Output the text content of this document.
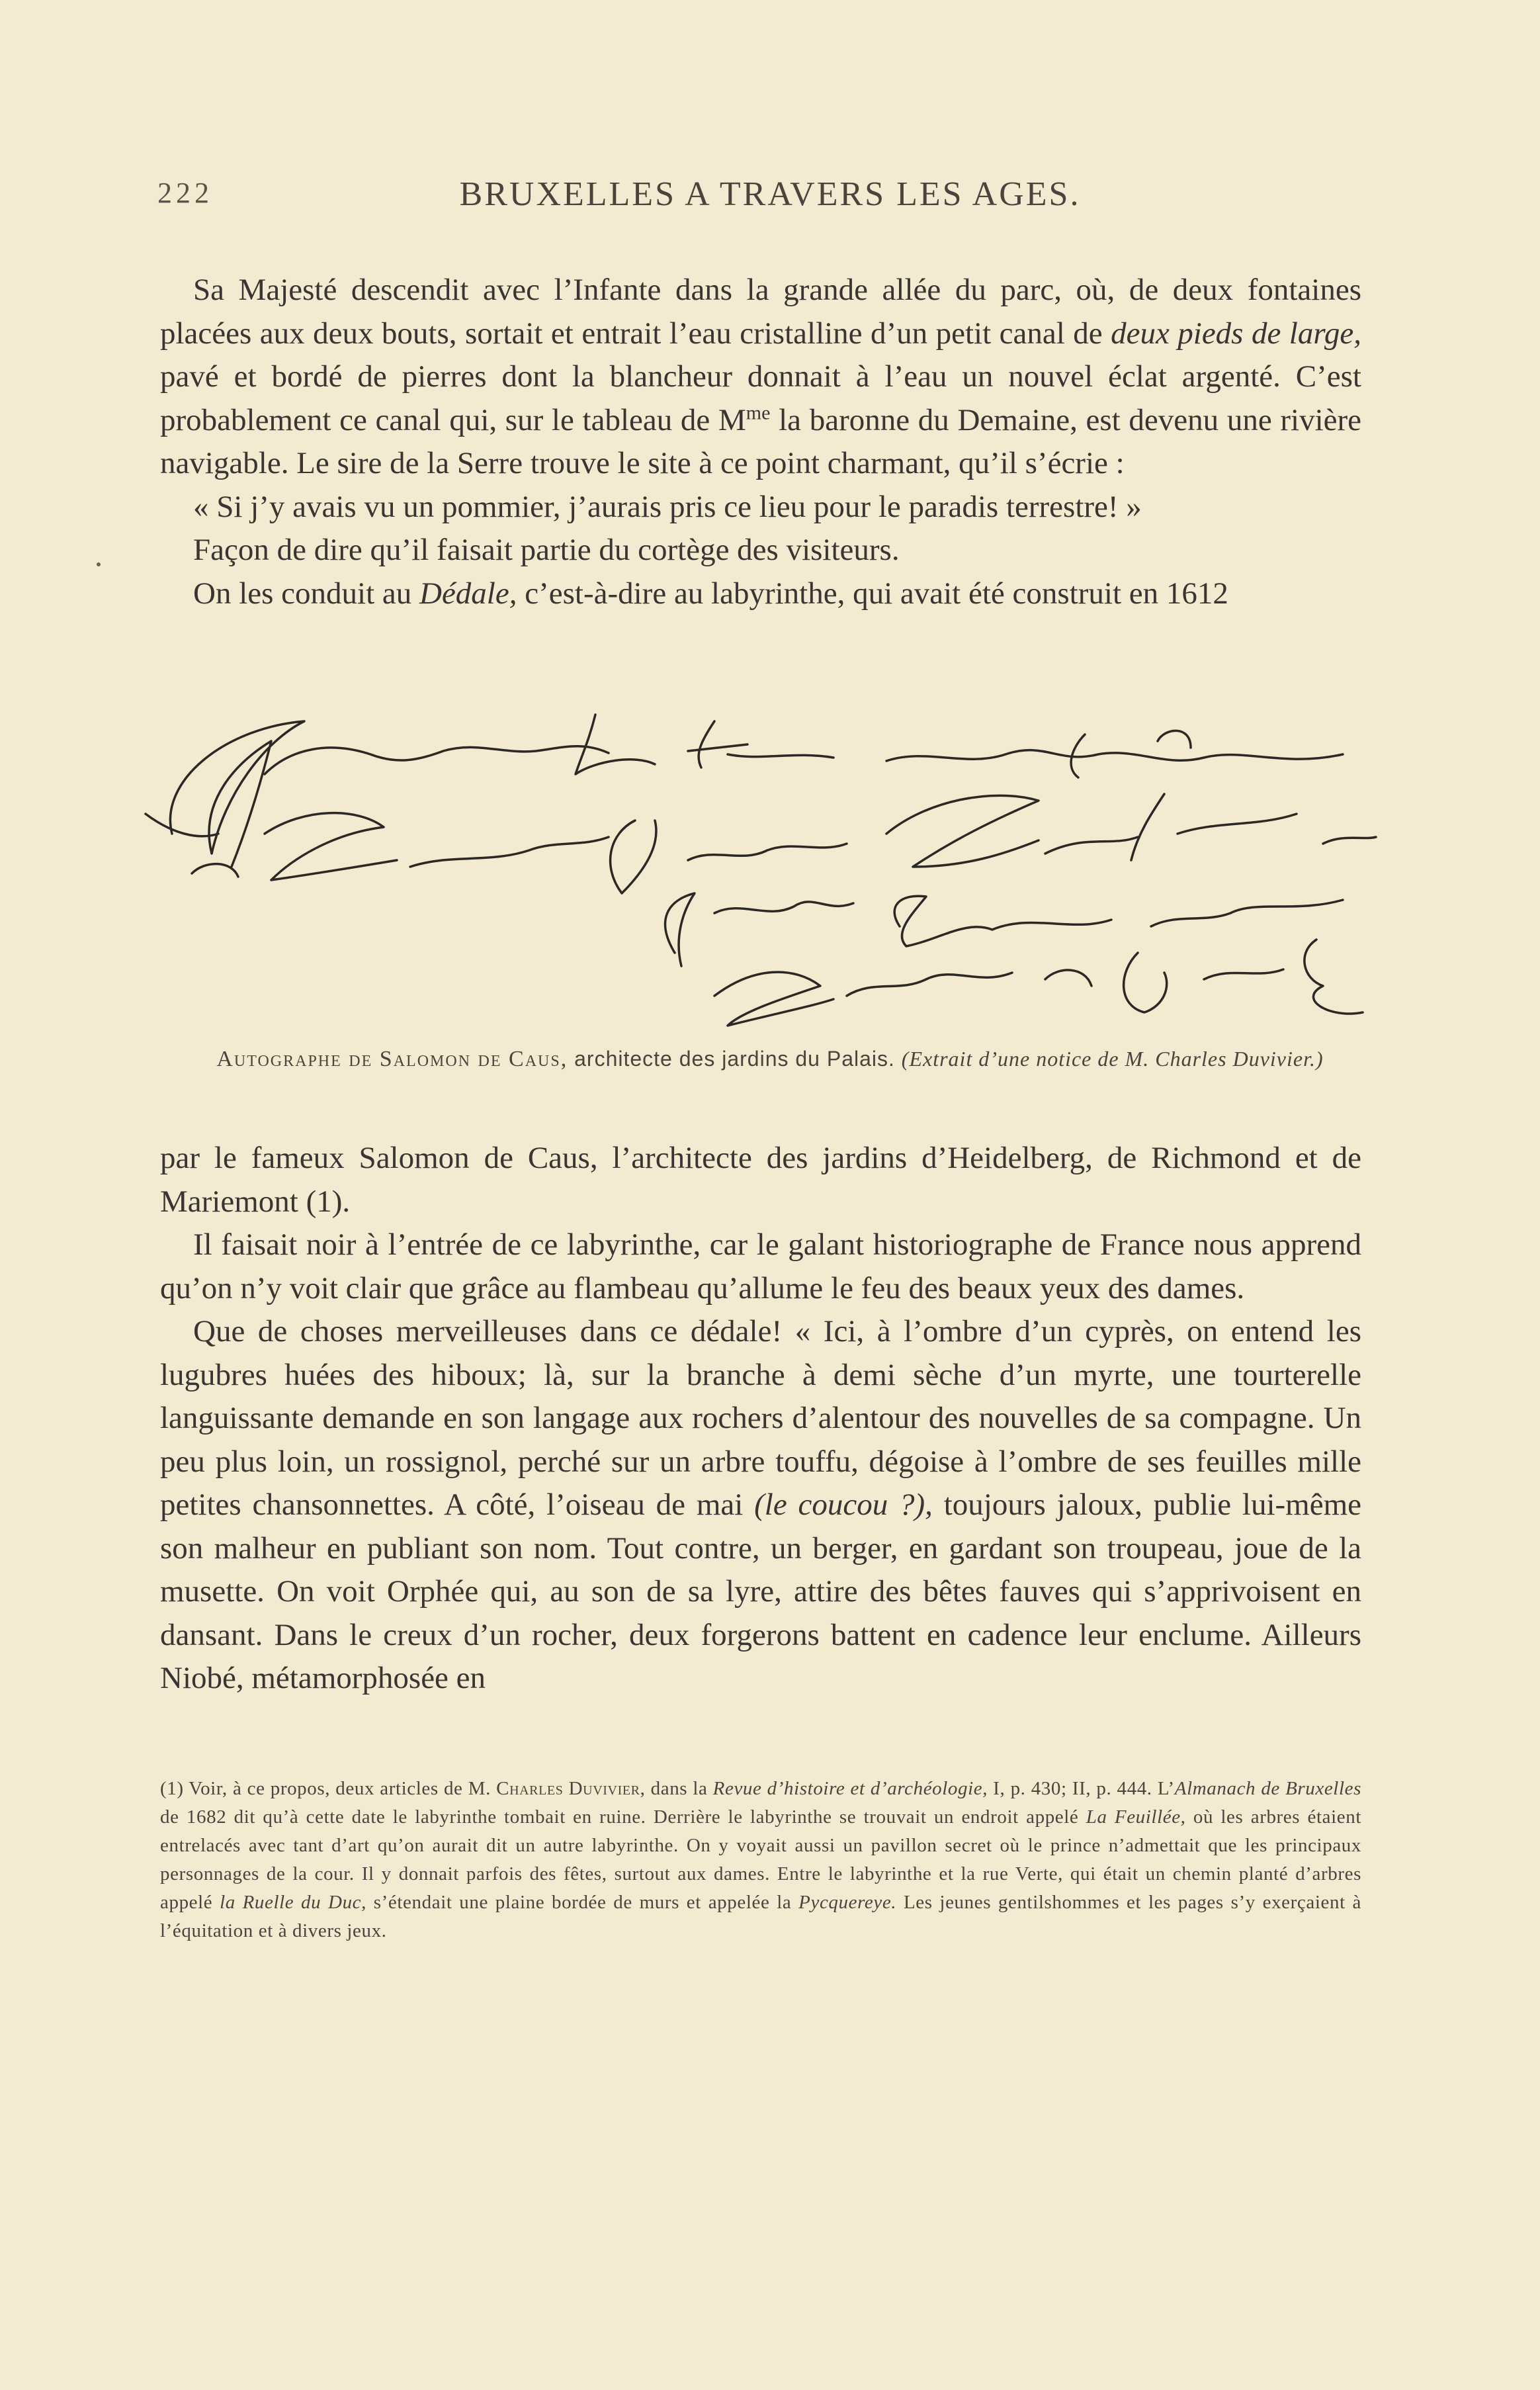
222	BRUXELLES A TRAVERS LES AGES.

Sa Majesté descendit avec l’Infante dans la grande allée du parc, où, de deux fontaines placées aux deux bouts, sortait et entrait l’eau cristalline d’un petit canal de deux pieds de large, pavé et bordé de pierres dont la blancheur donnait à l’eau un nouvel éclat argenté. C’est probablement ce canal qui, sur le tableau de $M^{me}$ la baronne du Demaine, est devenu une rivière navigable. Le sire de la Serre trouve le site à ce point charmant, qu’il s’écrie :

« Si j’y avais vu un pommier, j’aurais pris ce lieu pour le paradis terrestre! »

Façon de dire qu’il faisait partie du cortège des visiteurs.

On les conduit au Dédale, c’est-à-dire au labyrinthe, qui avait été construit en 1612

Autographe de Salomon de Caus, architecte des jardins du Palais. (Extrait d’une notice de M. Charles Duvivier.)

par le fameux Salomon de Caus, l’architecte des jardins d’Heidelberg, de Richmond et de Mariemont (1).

Il faisait noir à l’entrée de ce labyrinthe, car le galant historiographe de France nous apprend qu’on n’y voit clair que grâce au flambeau qu’allume le feu des beaux yeux des dames.

Que de choses merveilleuses dans ce dédale! « Ici, à l’ombre d’un cyprès, on entend les lugubres huées des hiboux; là, sur la branche à demi sèche d’un myrte, une tourterelle languissante demande en son langage aux rochers d’alentour des nouvelles de sa compagne. Un peu plus loin, un rossignol, perché sur un arbre touffu, dégoise à l’ombre de ses feuilles mille petites chansonnettes. A côté, l’oiseau de mai (le coucou ?), toujours jaloux, publie lui-même son malheur en publiant son nom. Tout contre, un berger, en gardant son troupeau, joue de la musette. On voit Orphée qui, au son de sa lyre, attire des bêtes fauves qui s’apprivoisent en dansant. Dans le creux d’un rocher, deux forgerons battent en cadence leur enclume. Ailleurs Niobé, métamorphosée en

(1) Voir, à ce propos, deux articles de M. Charles Duvivier, dans la Revue d’histoire et d’archéologie, I, p. 430; II, p. 444. L’Almanach de Bruxelles de 1682 dit qu’à cette date le labyrinthe tombait en ruine. Derrière le labyrinthe se trouvait un endroit appelé La Feuillée, où les arbres étaient entrelacés avec tant d’art qu’on aurait dit un autre labyrinthe. On y voyait aussi un pavillon secret où le prince n’admettait que les principaux personnages de la cour. Il y donnait parfois des fêtes, surtout aux dames. Entre le labyrinthe et la rue Verte, qui était un chemin planté d’arbres appelé la Ruelle du Duc, s’étendait une plaine bordée de murs et appelée la Pycquereye. Les jeunes gentilshommes et les pages s’y exerçaient à l’équitation et à divers jeux.
